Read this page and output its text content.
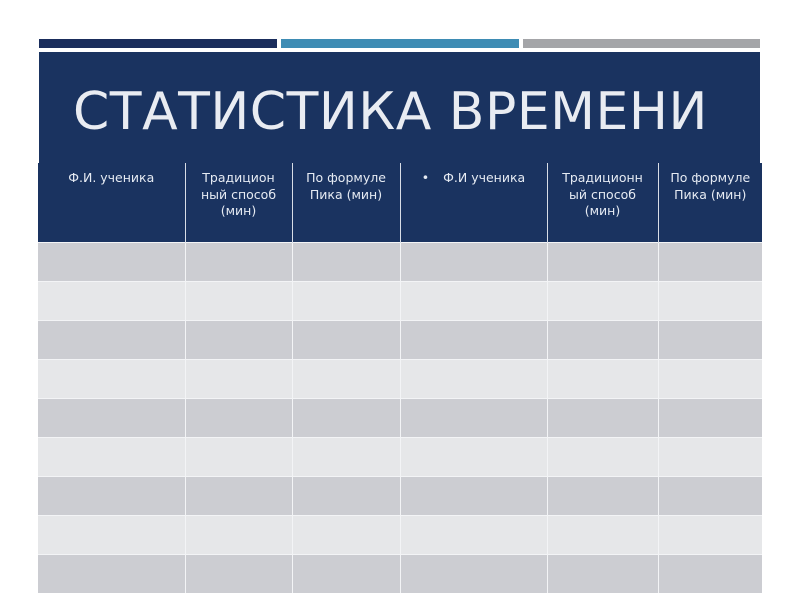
СТАТИСТИКА ВРЕМЕНИ
Ф.И. ученика	Традицион ный способ (мин)	По формуле Пика (мин)	• Ф.И ученика	Традиционн ый способ (мин)	По формуле Пика (мин)
